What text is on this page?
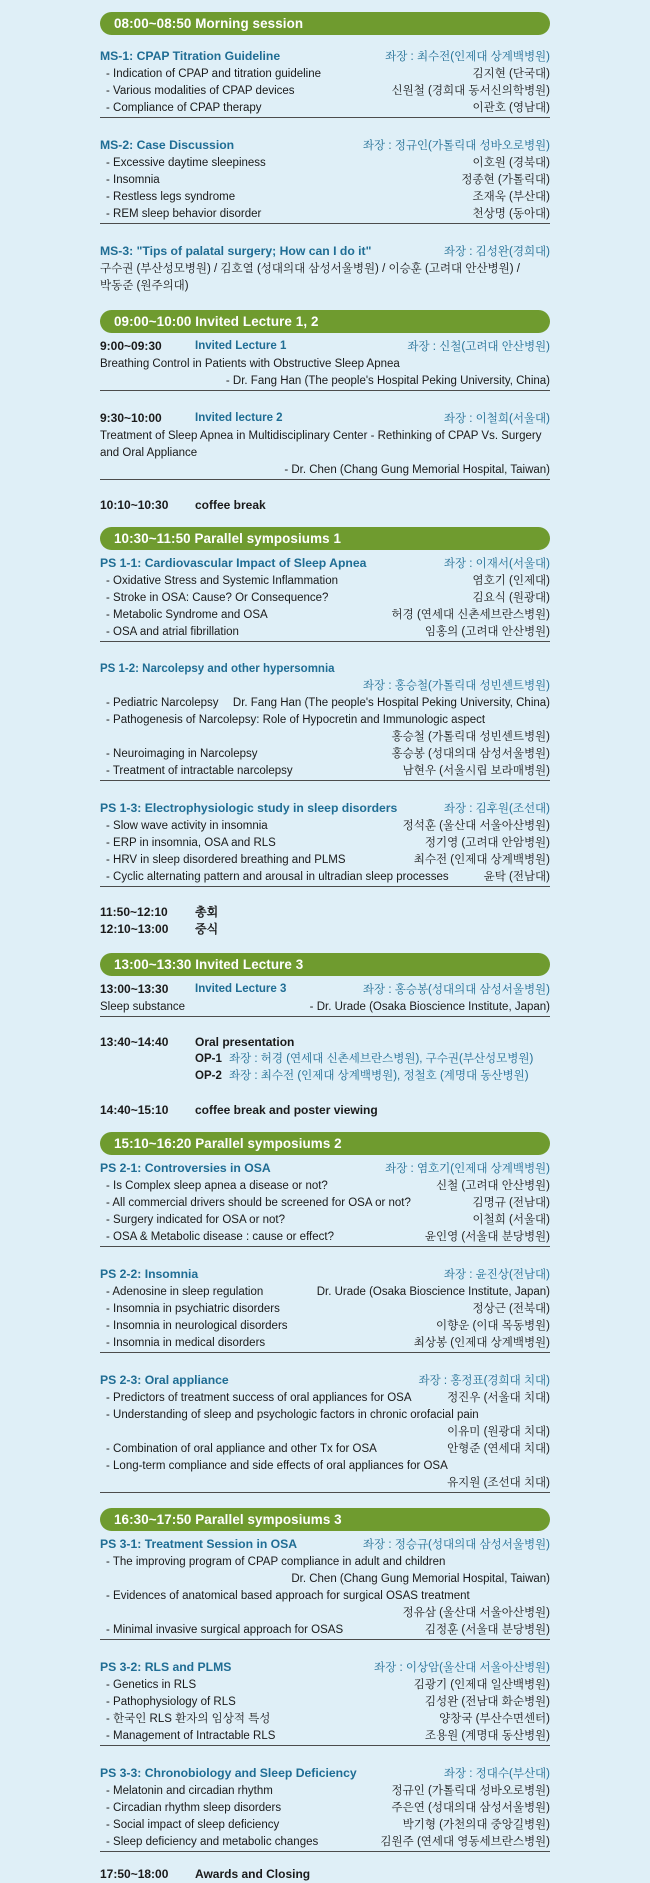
08:00~08:50 Morning session
MS-1: CPAP Titration Guideline	좌장 : 최수전(인제대 상계백병원)
- Indication of CPAP and titration guideline	김지현 (단국대)
- Various modalities of CPAP devices	신원철 (경희대 동서신의학병원)
- Compliance of CPAP therapy	이관호 (영남대)
MS-2: Case Discussion	좌장 : 정규인(가톨릭대 성바오로병원)
- Excessive daytime sleepiness	이호원 (경북대)
- Insomnia	정종현 (가톨릭대)
- Restless legs syndrome	조재욱 (부산대)
- REM sleep behavior disorder	천상명 (동아대)
MS-3: "Tips of palatal surgery; How can I do it"	좌장 : 김성완(경희대)
구수권 (부산성모병원) / 김호열 (성대의대 삼성서울병원) / 이승훈 (고려대 안산병원) /
박동준 (원주의대)
09:00~10:00 Invited Lecture 1, 2
9:00~09:30	Invited Lecture 1	좌장 : 신철(고려대 안산병원)
Breathing Control in Patients with Obstructive Sleep Apnea
- Dr. Fang Han (The people's Hospital Peking University, China)
9:30~10:00	Invited lecture 2	좌장 : 이철희(서울대)
Treatment of Sleep Apnea in Multidisciplinary Center - Rethinking of CPAP Vs. Surgery
and Oral Appliance
- Dr. Chen (Chang Gung Memorial Hospital, Taiwan)
10:10~10:30	coffee break
10:30~11:50 Parallel symposiums 1
PS 1-1: Cardiovascular Impact of Sleep Apnea	좌장 : 이재서(서울대)
- Oxidative Stress and Systemic Inflammation	염호기 (인제대)
- Stroke in OSA: Cause? Or Consequence?	김요식 (원광대)
- Metabolic Syndrome and OSA	허경 (연세대 신촌세브란스병원)
- OSA and atrial fibrillation	임홍의 (고려대 안산병원)
PS 1-2: Narcolepsy and other hypersomnia
좌장 : 홍승철(가톨릭대 성빈센트병원)
- Pediatric Narcolepsy Dr. Fang Han (The people's Hospital Peking University, China)
- Pathogenesis of Narcolepsy: Role of Hypocretin and Immunologic aspect
홍승철 (가톨릭대 성빈센트병원)
- Neuroimaging in Narcolepsy	홍승봉 (성대의대 삼성서울병원)
- Treatment of intractable narcolepsy	남현우 (서울시립 보라매병원)
PS 1-3: Electrophysiologic study in sleep disorders	좌장 : 김후원(조선대)
- Slow wave activity in insomnia	정석훈 (울산대 서울아산병원)
- ERP in insomnia, OSA and RLS	정기영 (고려대 안암병원)
- HRV in sleep disordered breathing and PLMS	최수전 (인제대 상계백병원)
- Cyclic alternating pattern and arousal in ultradian sleep processes	윤탁 (전남대)
11:50~12:10	총회
12:10~13:00	중식
13:00~13:30 Invited Lecture 3
13:00~13:30	Invited Lecture 3	좌장 : 홍승봉(성대의대 삼성서울병원)
Sleep substance	- Dr. Urade (Osaka Bioscience Institute, Japan)
13:40~14:40	Oral presentation
OP-1 좌장 : 허경 (연세대 신촌세브란스병원), 구수권(부산성모병원)
OP-2 좌장 : 최수전 (인제대 상계백병원), 정철호 (계명대 동산병원)
14:40~15:10	coffee break and poster viewing
15:10~16:20 Parallel symposiums 2
PS 2-1: Controversies in OSA	좌장 : 염호기(인제대 상계백병원)
- Is Complex sleep apnea a disease or not?	신철 (고려대 안산병원)
- All commercial drivers should be screened for OSA or not?	김명규 (전남대)
- Surgery indicated for OSA or not?	이철희 (서울대)
- OSA & Metabolic disease : cause or effect?	윤인영 (서울대 분당병원)
PS 2-2: Insomnia	좌장 : 윤진상(전남대)
- Adenosine in sleep regulation	Dr. Urade (Osaka Bioscience Institute, Japan)
- Insomnia in psychiatric disorders	정상근 (전북대)
- Insomnia in neurological disorders	이향운 (이대 목동병원)
- Insomnia in medical disorders	최상봉 (인제대 상계백병원)
PS 2-3: Oral appliance	좌장 : 홍정표(경희대 치대)
- Predictors of treatment success of oral appliances for OSA	정진우 (서울대 치대)
- Understanding of sleep and psychologic factors in chronic orofacial pain
이유미 (원광대 치대)
- Combination of oral appliance and other Tx for OSA	안형준 (연세대 치대)
- Long-term compliance and side effects of oral appliances for OSA
유지원 (조선대 치대)
16:30~17:50 Parallel symposiums 3
PS 3-1: Treatment Session in OSA	좌장 : 정승규(성대의대 삼성서울병원)
- The improving program of CPAP compliance in adult and children
Dr. Chen (Chang Gung Memorial Hospital, Taiwan)
- Evidences of anatomical based approach for surgical OSAS treatment
정유삼 (울산대 서울아산병원)
- Minimal invasive surgical approach for OSAS	김정훈 (서울대 분당병원)
PS 3-2: RLS and PLMS	좌장 : 이상암(울산대 서울아산병원)
- Genetics in RLS	김광기 (인제대 일산백병원)
- Pathophysiology of RLS	김성완 (전남대 화순병원)
- 한국인 RLS 환자의 임상적 특성	양창국 (부산수면센터)
- Management of Intractable RLS	조용원 (계명대 동산병원)
PS 3-3: Chronobiology and Sleep Deficiency	좌장 : 정대수(부산대)
- Melatonin and circadian rhythm	정규인 (가톨릭대 성바오로병원)
- Circadian rhythm sleep disorders	주은연 (성대의대 삼성서울병원)
- Social impact of sleep deficiency	박기형 (가천의대 중앙길병원)
- Sleep deficiency and metabolic changes	김원주 (연세대 영동세브란스병원)
17:50~18:00	Awards and Closing
